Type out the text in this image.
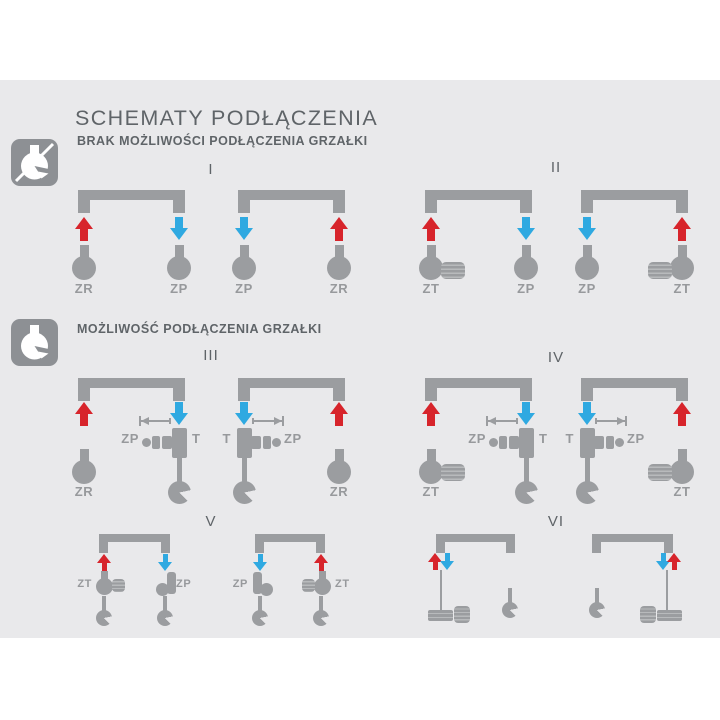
SCHEMATY PODŁĄCZENIA
BRAK MOŻLIWOŚCI PODŁĄCZENIA GRZAŁKI
MOŻLIWOŚĆ PODŁĄCZENIA GRZAŁKI
I
ZR	ZP	ZP	ZR
II
ZT	ZP	ZP	ZT
III
ZR
ZP	T	T	ZP
ZR
IV
ZT
ZP	T	T	ZP
ZT
V
ZT	ZP	ZP	ZT
VI
